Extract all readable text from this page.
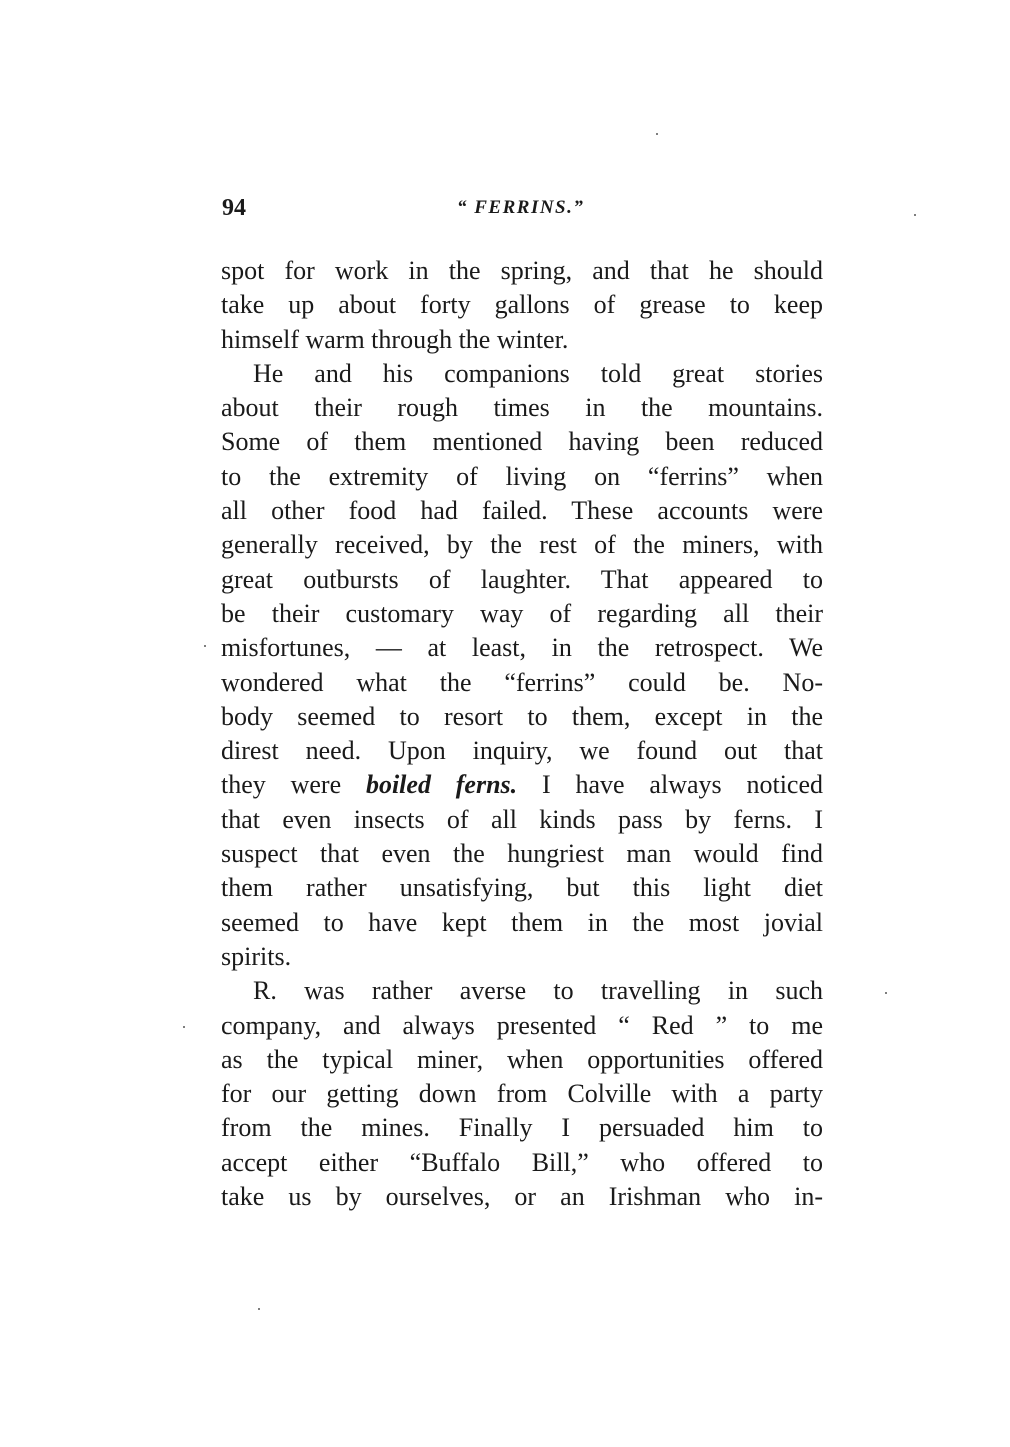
94	“ FERRINS.”
spot for work in the spring, and that he should
take up about forty gallons of grease to keep
himself warm through the winter.
He and his companions told great stories
about their rough times in the mountains.
Some of them mentioned having been reduced
to the extremity of living on “ferrins” when
all other food had failed. These accounts were
generally received, by the rest of the miners, with
great outbursts of laughter. That appeared to
be their customary way of regarding all their
misfortunes, — at least, in the retrospect. We
wondered what the “ferrins” could be. No-
body seemed to resort to them, except in the
direst need. Upon inquiry, we found out that
they were boiled ferns. I have always noticed
that even insects of all kinds pass by ferns. I
suspect that even the hungriest man would find
them rather unsatisfying, but this light diet
seemed to have kept them in the most jovial
spirits.
R. was rather averse to travelling in such
company, and always presented “ Red ” to me
as the typical miner, when opportunities offered
for our getting down from Colville with a party
from the mines. Finally I persuaded him to
accept either “Buffalo Bill,” who offered to
take us by ourselves, or an Irishman who in-
